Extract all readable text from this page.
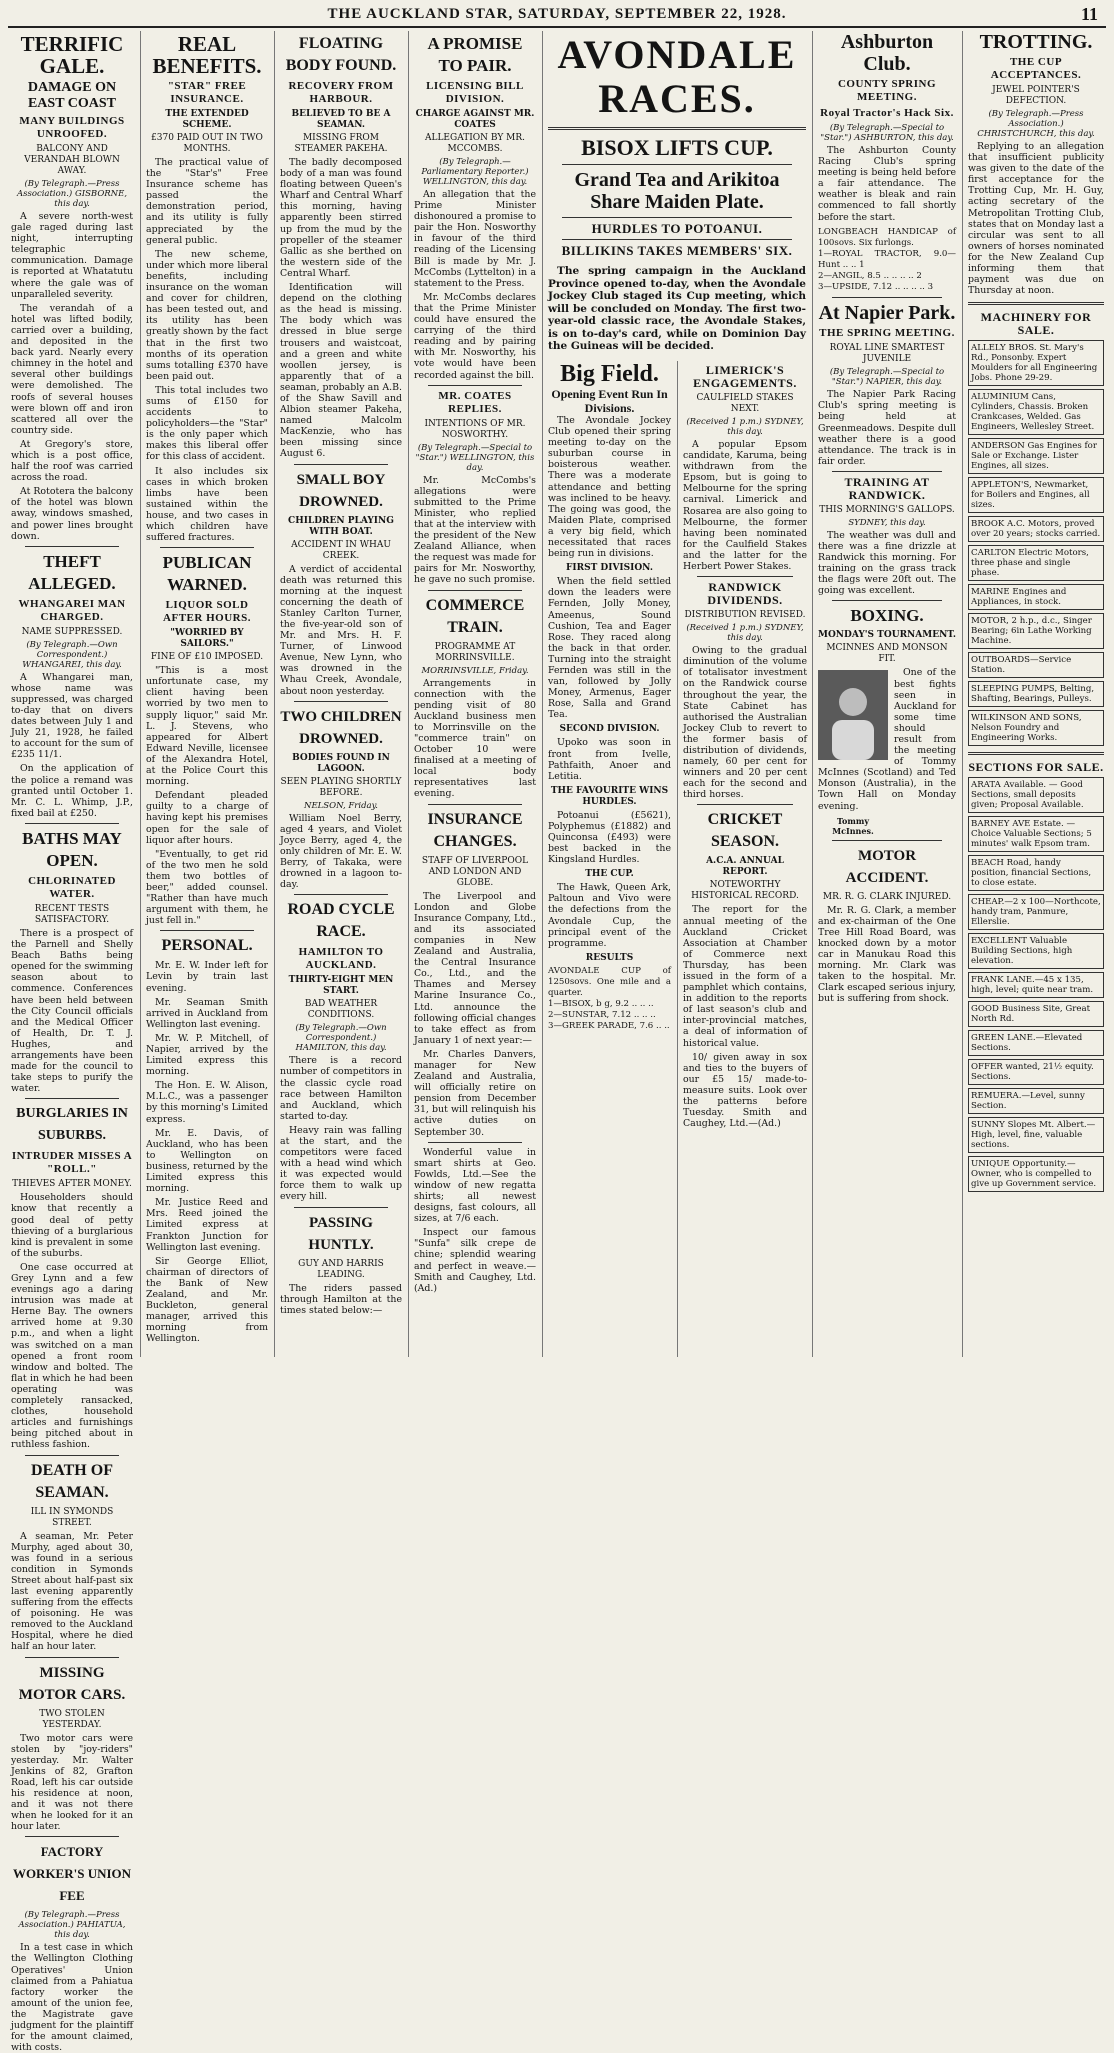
THE AUCKLAND STAR, SATURDAY, SEPTEMBER 22, 1928.	11
TERRIFIC GALE.
DAMAGE ON EAST COAST
MANY BUILDINGS UNROOFED.
BALCONY AND VERANDAH BLOWN AWAY.
(By Telegraph.—Press Association.) GISBORNE, this day.

A severe north-west gale raged during last night, interrupting telegraphic communication. Damage is reported at Whatatutu where the gale was of unparalleled severity.

The verandah of a hotel was lifted bodily, carried over a building, and deposited in the back yard. Nearly every chimney in the hotel and several other buildings were demolished. The roofs of several houses were blown off and iron scattered all over the country side.

At Gregory's store, which is a post office, half the roof was carried across the road.

At Rototera the balcony of the hotel was blown away, windows smashed, and power lines brought down.

THEFT ALLEGED.
WHANGAREI MAN CHARGED.
NAME SUPPRESSED.
(By Telegraph.—Own Correspondent.) WHANGAREI, this day.

A Whangarei man, whose name was suppressed, was charged to-day that on divers dates between July 1 and July 21, 1928, he failed to account for the sum of £235 11/1.

On the application of the police a remand was granted until October 1. Mr. C. L. Whimp, J.P., fixed bail at £250.

BATHS MAY OPEN.
CHLORINATED WATER.
RECENT TESTS SATISFACTORY.

There is a prospect of the Parnell and Shelly Beach Baths being opened for the swimming season about to commence. Conferences have been held between the City Council officials and the Medical Officer of Health, Dr. T. J. Hughes, and arrangements have been made for the council to take steps to purify the water.

BURGLARIES IN SUBURBS.
INTRUDER MISSES A "ROLL."
THIEVES AFTER MONEY.

Householders should know that recently a good deal of petty thieving of a burglarious kind is prevalent in some of the suburbs.

One case occurred at Grey Lynn and a few evenings ago a daring intrusion was made at Herne Bay. The owners arrived home at 9.30 p.m., and when a light was switched on a man opened a front room window and bolted. The flat in which he had been operating was completely ransacked, clothes, household articles and furnishings being pitched about in ruthless fashion.

DEATH OF SEAMAN.
ILL IN SYMONDS STREET.

A seaman, Mr. Peter Murphy, aged about 30, was found in a serious condition in Symonds Street about half-past six last evening apparently suffering from the effects of poisoning. He was removed to the Auckland Hospital, where he died half an hour later.

MISSING MOTOR CARS.
TWO STOLEN YESTERDAY.

Two motor cars were stolen by "joy-riders" yesterday. Mr. Walter Jenkins of 82, Grafton Road, left his car outside his residence at noon, and it was not there when he looked for it an hour later.

FACTORY WORKER'S UNION FEE
(By Telegraph.—Press Association.) PAHIATUA, this day.

In a test case in which the Wellington Clothing Operatives' Union claimed from a Pahiatua factory worker the amount of the union fee, the Magistrate gave judgment for the plaintiff for the amount claimed, with costs.

REAL BENEFITS.
"STAR" FREE INSURANCE.
THE EXTENDED SCHEME.
£370 PAID OUT IN TWO MONTHS.

The practical value of the "Star's" Free Insurance scheme has passed the demonstration period, and its utility is fully appreciated by the general public.

The new scheme, under which more liberal benefits, including insurance on the woman and cover for children, has been tested out, and its utility has been greatly shown by the fact that in the first two months of its operation sums totalling £370 have been paid out.

This total includes two sums of £150 for accidents to policyholders—the "Star" is the only paper which makes this liberal offer for this class of accident.

It also includes six cases in which broken limbs have been sustained within the house, and two cases in which children have suffered fractures.

PUBLICAN WARNED.
LIQUOR SOLD AFTER HOURS.
"WORRIED BY SAILORS."
FINE OF £10 IMPOSED.

"This is a most unfortunate case, my client having been worried by two men to supply liquor," said Mr. L. J. Stevens, who appeared for Albert Edward Neville, licensee of the Alexandra Hotel, at the Police Court this morning.

Defendant pleaded guilty to a charge of having kept his premises open for the sale of liquor after hours.

"Eventually, to get rid of the two men he sold them two bottles of beer," added counsel. "Rather than have much argument with them, he just fell in."

PERSONAL.

Mr. E. W. Inder left for Levin by train last evening.

Mr. Seaman Smith arrived in Auckland from Wellington last evening.

Mr. W. P. Mitchell, of Napier, arrived by the Limited express this morning.

The Hon. E. W. Alison, M.L.C., was a passenger by this morning's Limited express.

Mr. E. Davis, of Auckland, who has been to Wellington on business, returned by the Limited express this morning.

Mr. Justice Reed and Mrs. Reed joined the Limited express at Frankton Junction for Wellington last evening.

Sir George Elliot, chairman of directors of the Bank of New Zealand, and Mr. Buckleton, general manager, arrived this morning from Wellington.

FLOATING BODY FOUND.
RECOVERY FROM HARBOUR.
BELIEVED TO BE A SEAMAN.
MISSING FROM STEAMER PAKEHA.

The badly decomposed body of a man was found floating between Queen's Wharf and Central Wharf this morning, having apparently been stirred up from the mud by the propeller of the steamer Gallic as she berthed on the western side of the Central Wharf.

Identification will depend on the clothing as the head is missing. The body which was dressed in blue serge trousers and waistcoat, and a green and white woollen jersey, is apparently that of a seaman, probably an A.B. of the Shaw Savill and Albion steamer Pakeha, named Malcolm MacKenzie, who has been missing since August 6.

SMALL BOY DROWNED.
CHILDREN PLAYING WITH BOAT.
ACCIDENT IN WHAU CREEK.

A verdict of accidental death was returned this morning at the inquest concerning the death of Stanley Carlton Turner, the five-year-old son of Mr. and Mrs. H. F. Turner, of Linwood Avenue, New Lynn, who was drowned in the Whau Creek, Avondale, about noon yesterday.

TWO CHILDREN DROWNED.
BODIES FOUND IN LAGOON.
SEEN PLAYING SHORTLY BEFORE.
NELSON, Friday.

William Noel Berry, aged 4 years, and Violet Joyce Berry, aged 4, the only children of Mr. E. W. Berry, of Takaka, were drowned in a lagoon to-day.

ROAD CYCLE RACE.
HAMILTON TO AUCKLAND.
THIRTY-EIGHT MEN START.
BAD WEATHER CONDITIONS.
(By Telegraph.—Own Correspondent.) HAMILTON, this day.

There is a record number of competitors in the classic cycle road race between Hamilton and Auckland, which started to-day.

Heavy rain was falling at the start, and the competitors were faced with a head wind which it was expected would force them to walk up every hill.

PASSING HUNTLY.
GUY AND HARRIS LEADING.

The riders passed through Hamilton at the times stated below:—

A PROMISE TO PAIR.
LICENSING BILL DIVISION.
CHARGE AGAINST MR. COATES
ALLEGATION BY MR. MCCOMBS.
(By Telegraph.—Parliamentary Reporter.) WELLINGTON, this day.

An allegation that the Prime Minister dishonoured a promise to pair the Hon. Nosworthy in favour of the third reading of the Licensing Bill is made by Mr. J. McCombs (Lyttelton) in a statement to the Press.

Mr. McCombs declares that the Prime Minister could have ensured the carrying of the third reading and by pairing with Mr. Nosworthy, his vote would have been recorded against the bill.

MR. COATES REPLIES.
INTENTIONS OF MR. NOSWORTHY.
(By Telegraph.—Special to "Star.") WELLINGTON, this day.

Mr. McCombs's allegations were submitted to the Prime Minister, who replied that at the interview with the president of the New Zealand Alliance, when the request was made for pairs for Mr. Nosworthy, he gave no such promise.

COMMERCE TRAIN.
PROGRAMME AT MORRINSVILLE.
MORRINSVILLE, Friday.

Arrangements in connection with the pending visit of 80 Auckland business men to Morrinsville on the "commerce train" on October 10 were finalised at a meeting of local body representatives last evening.

INSURANCE CHANGES.
STAFF OF LIVERPOOL AND LONDON AND GLOBE.

The Liverpool and London and Globe Insurance Company, Ltd., and its associated companies in New Zealand and Australia, the Central Insurance Co., Ltd., and the Thames and Mersey Marine Insurance Co., Ltd. announce the following official changes to take effect as from January 1 of next year:—

Mr. Charles Danvers, manager for New Zealand and Australia, will officially retire on pension from December 31, but will relinquish his active duties on September 30.

Wonderful value in smart shirts at Geo. Fowlds, Ltd.—See the window of new regatta shirts; all newest designs, fast colours, all sizes, at 7/6 each.

Inspect our famous "Sunfa" silk crepe de chine; splendid wearing and perfect in weave.—Smith and Caughey, Ltd. (Ad.)

AVONDALE RACES.
BISOX LIFTS CUP.
Grand Tea and Arikitoa Share Maiden Plate.
HURDLES TO POTOANUI.
BILLIKINS TAKES MEMBERS' SIX.

The spring campaign in the Auckland Province opened to-day, when the Avondale Jockey Club staged its Cup meeting, which will be concluded on Monday. The first two-year-old classic race, the Avondale Stakes, is on to-day's card, while on Dominion Day the Guineas will be decided.

Big Field.
Opening Event Run In Divisions.

The Avondale Jockey Club opened their spring meeting to-day on the suburban course in boisterous weather. There was a moderate attendance and betting was inclined to be heavy. The going was good, the Maiden Plate, comprised a very big field, which necessitated that races being run in divisions.

FIRST DIVISION.

When the field settled down the leaders were Fernden, Jolly Money, Ameenus, Sound Cushion, Tea and Eager Rose. They raced along the back in that order. Turning into the straight Fernden was still in the van, followed by Jolly Money, Armenus, Eager Rose, Salla and Grand Tea.

SECOND DIVISION.

Upoko was soon in front from Ivelle, Pathfaith, Anoer and Letitia.

THE FAVOURITE WINS HURDLES.

Potoanui (£5621), Polyphemus (£1882) and Quinconsa (£493) were best backed in the Kingsland Hurdles.

THE CUP.

The Hawk, Queen Ark, Paltoun and Vivo were the defections from the Avondale Cup, the principal event of the programme.

RESULTS
AVONDALE CUP of 1250sovs. One mile and a quarter.
1—BISOX, b g, 9.2 .. .. ..
2—SUNSTAR, 7.12 .. .. ..
3—GREEK PARADE, 7.6 .. ..
LIMERICK'S ENGAGEMENTS.
CAULFIELD STAKES NEXT.
(Received 1 p.m.) SYDNEY, this day.

A popular Epsom candidate, Karuma, being withdrawn from the Epsom, but is going to Melbourne for the spring carnival. Limerick and Rosarea are also going to Melbourne, the former having been nominated for the Caulfield Stakes and the latter for the Herbert Power Stakes.

RANDWICK DIVIDENDS.
DISTRIBUTION REVISED.
(Received 1 p.m.) SYDNEY, this day.

Owing to the gradual diminution of the volume of totalisator investment on the Randwick course throughout the year, the State Cabinet has authorised the Australian Jockey Club to revert to the former basis of distribution of dividends, namely, 60 per cent for winners and 20 per cent each for the second and third horses.

CRICKET SEASON.
A.C.A. ANNUAL REPORT.
NOTEWORTHY HISTORICAL RECORD.

The report for the annual meeting of the Auckland Cricket Association at Chamber of Commerce next Thursday, has been issued in the form of a pamphlet which contains, in addition to the reports of last season's club and inter-provincial matches, a deal of information of historical value.

10/ given away in sox and ties to the buyers of our £5 15/ made-to-measure suits. Look over the patterns before Tuesday. Smith and Caughey, Ltd.—(Ad.)

Ashburton Club.
COUNTY SPRING MEETING.
Royal Tractor's Hack Six.
(By Telegraph.—Special to "Star.") ASHBURTON, this day.

The Ashburton County Racing Club's spring meeting is being held before a fair attendance. The weather is bleak and rain commenced to fall shortly before the start.

LONGBEACH HANDICAP of 100sovs. Six furlongs.
1—ROYAL TRACTOR, 9.0—Hunt .. .. 1
2—ANGIL, 8.5 .. .. .. .. 2
3—UPSIDE, 7.12 .. .. .. .. 3
At Napier Park.
THE SPRING MEETING.
ROYAL LINE SMARTEST JUVENILE
(By Telegraph.—Special to "Star.") NAPIER, this day.

The Napier Park Racing Club's spring meeting is being held at Greenmeadows. Despite dull weather there is a good attendance. The track is in fair order.

TRAINING AT RANDWICK.
THIS MORNING'S GALLOPS.
SYDNEY, this day.

The weather was dull and there was a fine drizzle at Randwick this morning. For training on the grass track the flags were 20ft out. The going was excellent.

BOXING.
MONDAY'S TOURNAMENT.
MCINNES AND MONSON FIT.

One of the best fights seen in Auckland for some time should result from the meeting of Tommy McInnes (Scotland) and Ted Monson (Australia), in the Town Hall on Monday evening.

Tommy McInnes.
MOTOR ACCIDENT.
MR. R. G. CLARK INJURED.

Mr. R. G. Clark, a member and ex-chairman of the One Tree Hill Road Board, was knocked down by a motor car in Manukau Road this morning. Mr. Clark was taken to the hospital. Mr. Clark escaped serious injury, but is suffering from shock.

TROTTING.
THE CUP ACCEPTANCES.
JEWEL POINTER'S DEFECTION.
(By Telegraph.—Press Association.) CHRISTCHURCH, this day.

Replying to an allegation that insufficient publicity was given to the date of the first acceptance for the Trotting Cup, Mr. H. Guy, acting secretary of the Metropolitan Trotting Club, states that on Monday last a circular was sent to all owners of horses nominated for the New Zealand Cup informing them that payment was due on Thursday at noon.

MACHINERY FOR SALE.
ALLELY BROS. St. Mary's Rd., Ponsonby. Expert Moulders for all Engineering Jobs. Phone 29-29.
ALUMINIUM Cans, Cylinders, Chassis. Broken Crankcases, Welded. Gas Engineers, Wellesley Street.
ANDERSON Gas Engines for Sale or Exchange. Lister Engines, all sizes.
APPLETON'S, Newmarket, for Boilers and Engines, all sizes.
BROOK A.C. Motors, proved over 20 years; stocks carried.
CARLTON Electric Motors, three phase and single phase.
MARINE Engines and Appliances, in stock.
MOTOR, 2 h.p., d.c., Singer Bearing; 6in Lathe Working Machine.
OUTBOARDS—Service Station.
SLEEPING PUMPS, Belting, Shafting, Bearings, Pulleys.
WILKINSON AND SONS, Nelson Foundry and Engineering Works.
SECTIONS FOR SALE.
ARATA Available. — Good Sections, small deposits given; Proposal Available.
BARNEY AVE Estate. — Choice Valuable Sections; 5 minutes' walk Epsom tram.
BEACH Road, handy position, financial Sections, to close estate.
CHEAP.—2 x 100—Northcote, handy tram, Panmure, Ellerslie.
EXCELLENT Valuable Building Sections, high elevation.
FRANK LANE.—45 x 135, high, level; quite near tram.
GOOD Business Site, Great North Rd.
GREEN LANE.—Elevated Sections.
OFFER wanted, 21½ equity. Sections.
REMUERA.—Level, sunny Section.
SUNNY Slopes Mt. Albert.—High, level, fine, valuable sections.
UNIQUE Opportunity.—Owner, who is compelled to give up Government service.
